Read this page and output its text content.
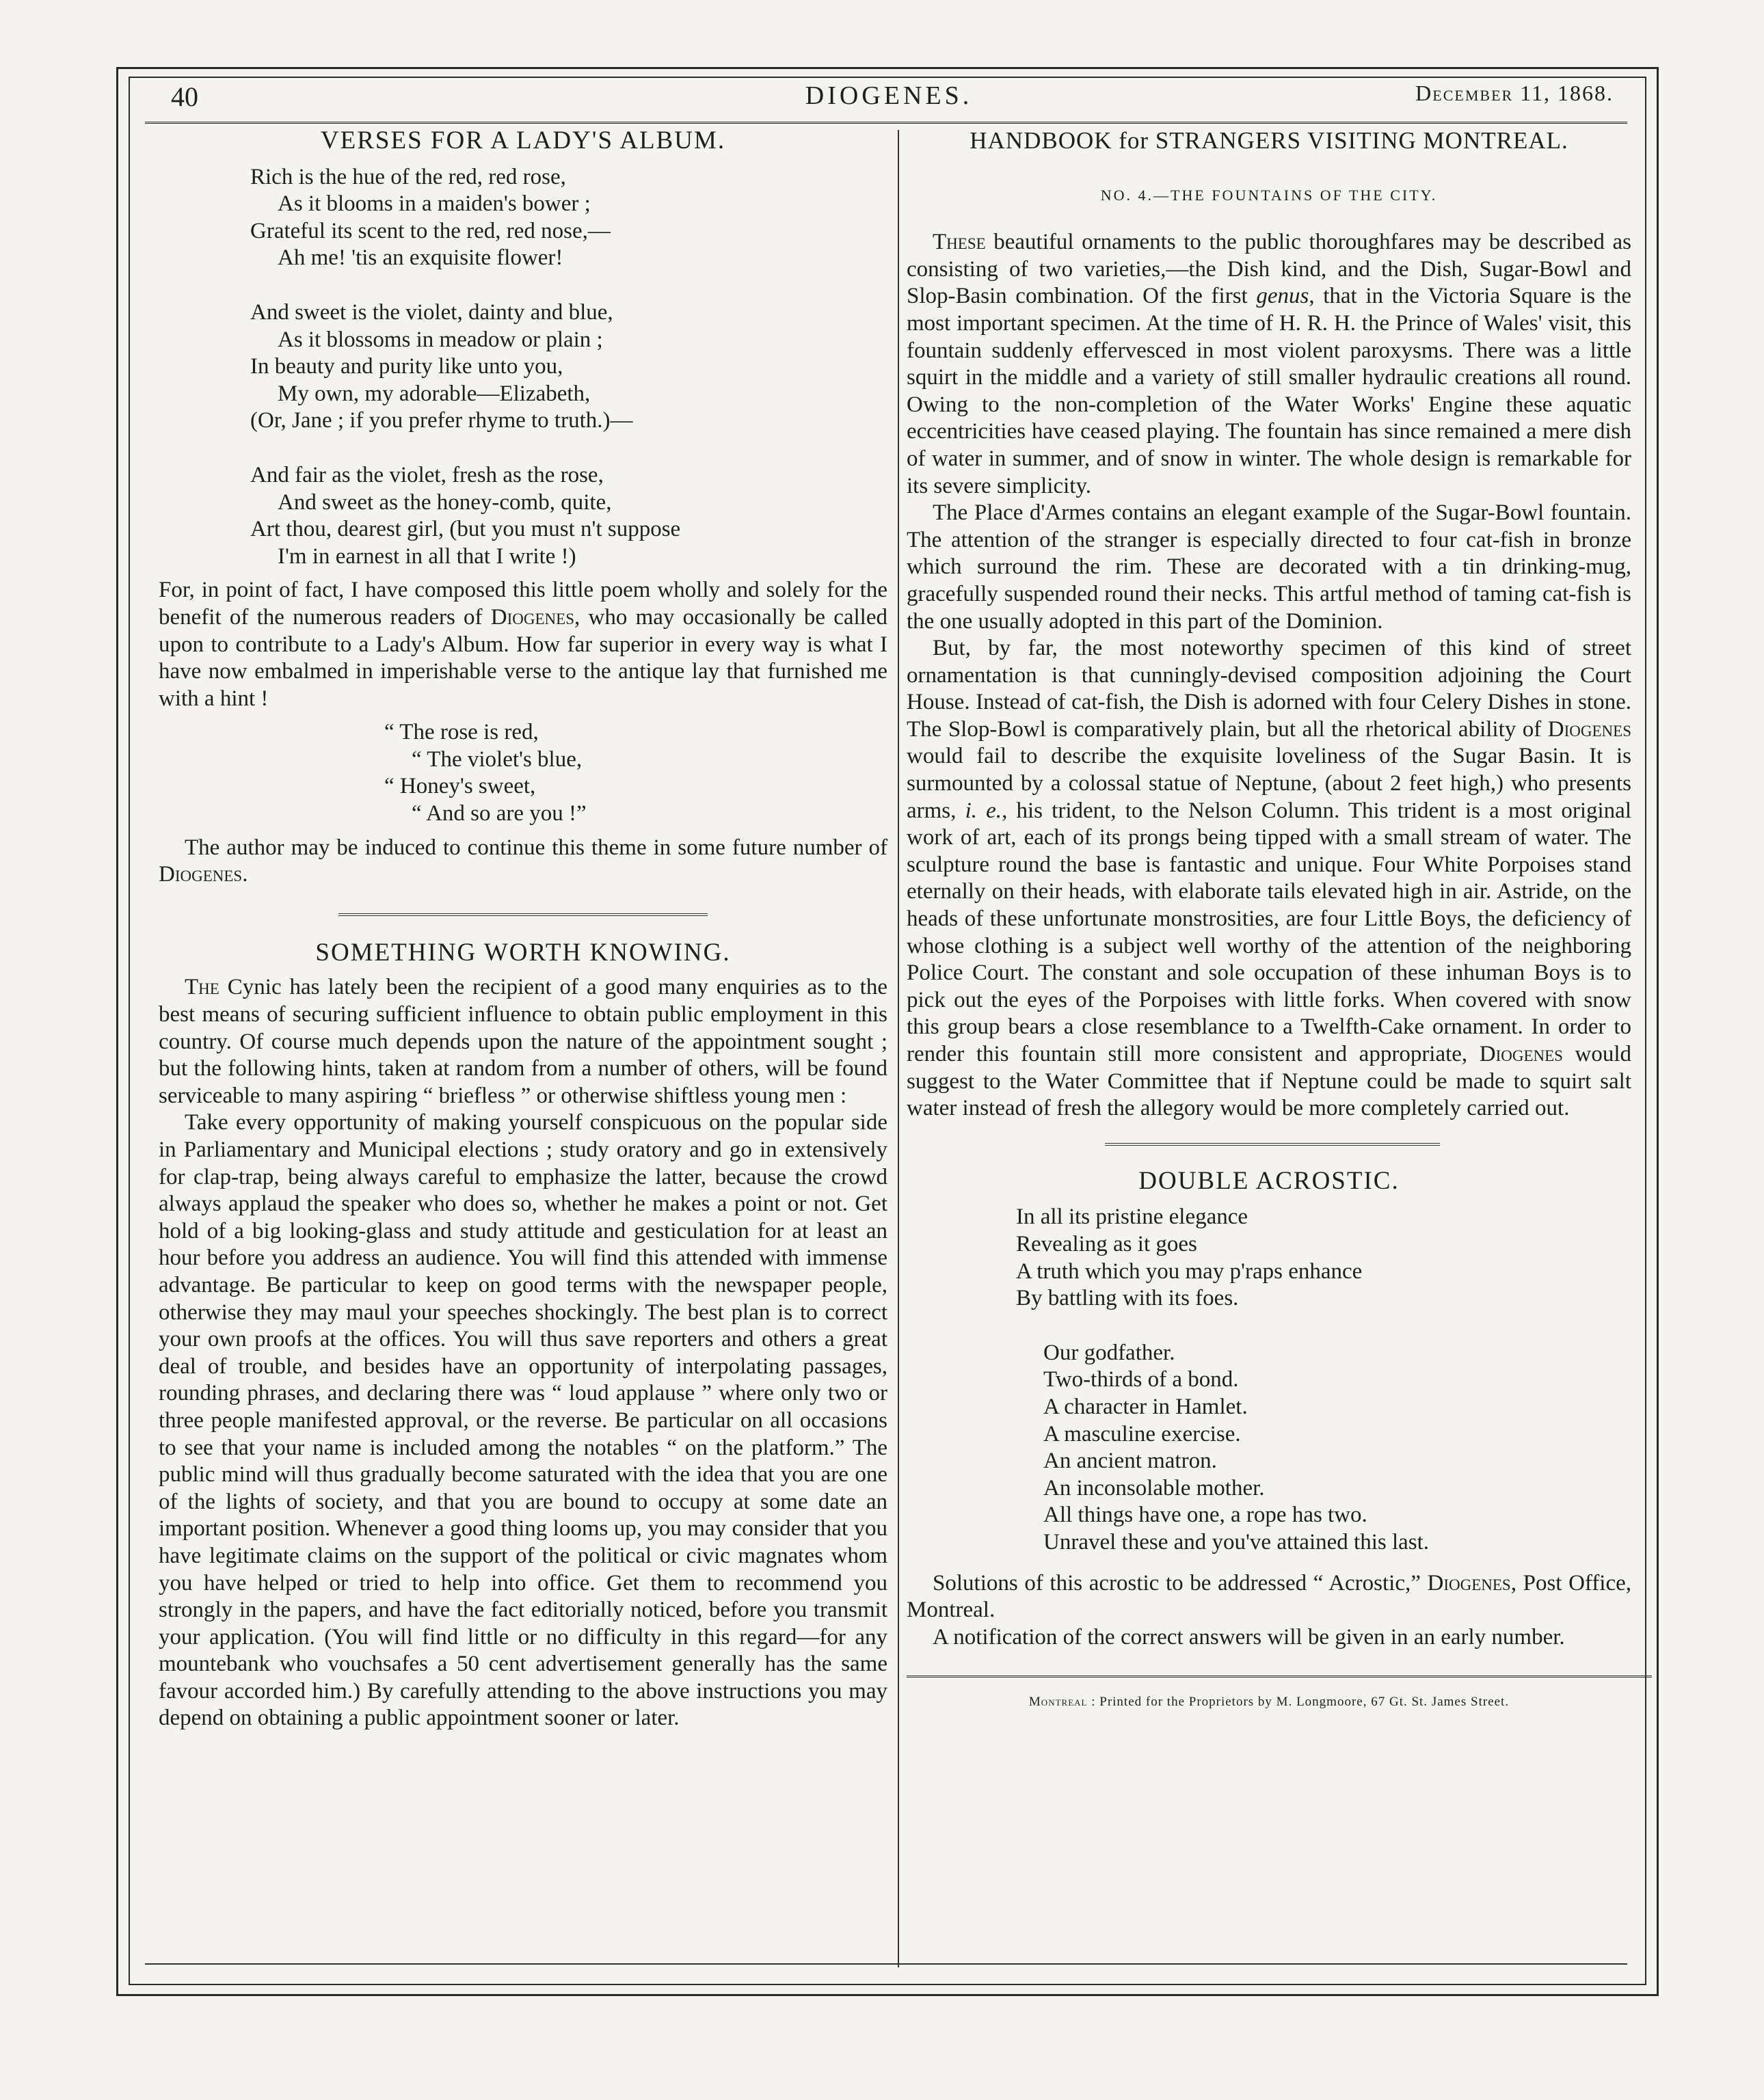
40	DIOGENES.	December 11, 1868.
VERSES FOR A LADY'S ALBUM.
Rich is the hue of the red, red rose,
As it blooms in a maiden's bower ;
Grateful its scent to the red, red nose,—
Ah me! 'tis an exquisite flower!
And sweet is the violet, dainty and blue,
As it blossoms in meadow or plain ;
In beauty and purity like unto you,
My own, my adorable—Elizabeth,
(Or, Jane ; if you prefer rhyme to truth.)—
And fair as the violet, fresh as the rose,
And sweet as the honey-comb, quite,
Art thou, dearest girl, (but you must n't suppose
I'm in earnest in all that I write !)

For, in point of fact, I have composed this little poem wholly and solely for the benefit of the numerous readers of Diogenes, who may occasionally be called upon to contribute to a Lady's Album. How far superior in every way is what I have now embalmed in imperishable verse to the antique lay that furnished me with a hint !

“ The rose is red,
“ The violet's blue,
“ Honey's sweet,
“ And so are you !”

The author may be induced to continue this theme in some future number of Diogenes.

SOMETHING WORTH KNOWING.

The Cynic has lately been the recipient of a good many enquiries as to the best means of securing sufficient influence to obtain public employment in this country. Of course much depends upon the nature of the appointment sought ; but the following hints, taken at random from a number of others, will be found serviceable to many aspiring “ briefless ” or otherwise shiftless young men :

Take every opportunity of making yourself conspicuous on the popular side in Parliamentary and Municipal elections ; study oratory and go in extensively for clap-trap, being always careful to emphasize the latter, because the crowd always applaud the speaker who does so, whether he makes a point or not. Get hold of a big looking-glass and study attitude and gesticulation for at least an hour before you address an audience. You will find this attended with immense advantage. Be particular to keep on good terms with the newspaper people, otherwise they may maul your speeches shockingly. The best plan is to correct your own proofs at the offices. You will thus save reporters and others a great deal of trouble, and besides have an opportunity of interpolating passages, rounding phrases, and declaring there was “ loud applause ” where only two or three people manifested approval, or the reverse. Be particular on all occasions to see that your name is included among the notables “ on the platform.” The public mind will thus gradually become saturated with the idea that you are one of the lights of society, and that you are bound to occupy at some date an important position. Whenever a good thing looms up, you may consider that you have legitimate claims on the support of the political or civic magnates whom you have helped or tried to help into office. Get them to recommend you strongly in the papers, and have the fact editorially noticed, before you transmit your application. (You will find little or no difficulty in this regard—for any mountebank who vouchsafes a 50 cent advertisement generally has the same favour accorded him.) By carefully attending to the above instructions you may depend on obtaining a public appointment sooner or later.

HANDBOOK for STRANGERS VISITING MONTREAL.
NO. 4.—THE FOUNTAINS OF THE CITY.

These beautiful ornaments to the public thoroughfares may be described as consisting of two varieties,—the Dish kind, and the Dish, Sugar-Bowl and Slop-Basin combination. Of the first genus, that in the Victoria Square is the most important specimen. At the time of H. R. H. the Prince of Wales' visit, this fountain suddenly effervesced in most violent paroxysms. There was a little squirt in the middle and a variety of still smaller hydraulic creations all round. Owing to the non-completion of the Water Works' Engine these aquatic eccentricities have ceased playing. The fountain has since remained a mere dish of water in summer, and of snow in winter. The whole design is remarkable for its severe simplicity.

The Place d'Armes contains an elegant example of the Sugar-Bowl fountain. The attention of the stranger is especially directed to four cat-fish in bronze which surround the rim. These are decorated with a tin drinking-mug, gracefully suspended round their necks. This artful method of taming cat-fish is the one usually adopted in this part of the Dominion.

But, by far, the most noteworthy specimen of this kind of street ornamentation is that cunningly-devised composition adjoining the Court House. Instead of cat-fish, the Dish is adorned with four Celery Dishes in stone. The Slop-Bowl is comparatively plain, but all the rhetorical ability of Diogenes would fail to describe the exquisite loveliness of the Sugar Basin. It is surmounted by a colossal statue of Neptune, (about 2 feet high,) who presents arms, i. e., his trident, to the Nelson Column. This trident is a most original work of art, each of its prongs being tipped with a small stream of water. The sculpture round the base is fantastic and unique. Four White Porpoises stand eternally on their heads, with elaborate tails elevated high in air. Astride, on the heads of these unfortunate monstrosities, are four Little Boys, the deficiency of whose clothing is a subject well worthy of the attention of the neighboring Police Court. The constant and sole occupation of these inhuman Boys is to pick out the eyes of the Porpoises with little forks. When covered with snow this group bears a close resemblance to a Twelfth-Cake ornament. In order to render this fountain still more consistent and appropriate, Diogenes would suggest to the Water Committee that if Neptune could be made to squirt salt water instead of fresh the allegory would be more completely carried out.

DOUBLE ACROSTIC.
In all its pristine elegance
Revealing as it goes
A truth which you may p'raps enhance
By battling with its foes.
Our godfather.
Two-thirds of a bond.
A character in Hamlet.
A masculine exercise.
An ancient matron.
An inconsolable mother.
All things have one, a rope has two.
Unravel these and you've attained this last.

Solutions of this acrostic to be addressed “ Acrostic,” Diogenes, Post Office, Montreal.

A notification of the correct answers will be given in an early number.

Montreal : Printed for the Proprietors by M. Longmoore, 67 Gt. St. James Street.
